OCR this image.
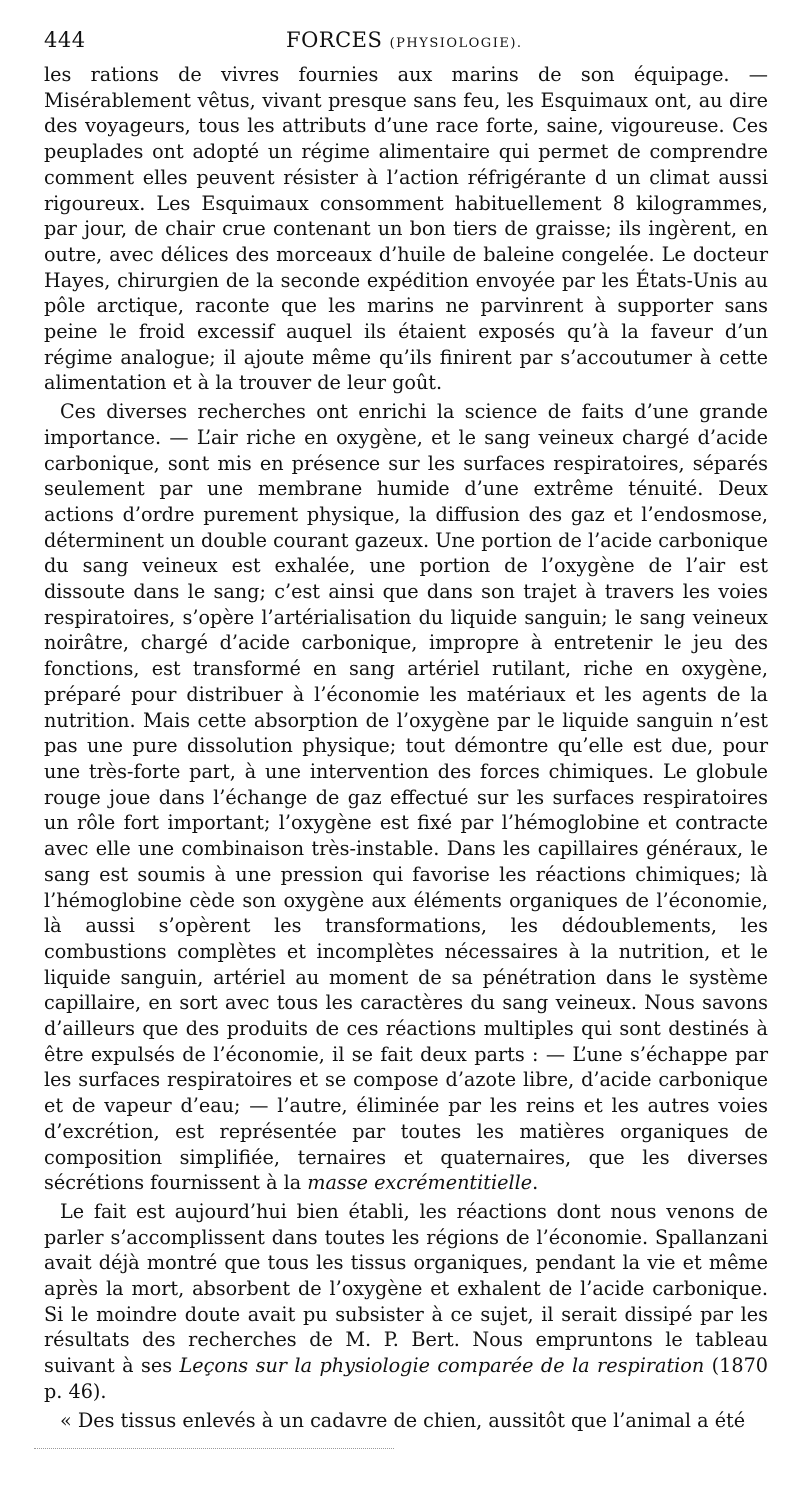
444	FORCES (PHYSIOLOGIE).

les rations de vivres fournies aux marins de son équipage. — Misérablement vêtus, vivant presque sans feu, les Esquimaux ont, au dire des voyageurs, tous les attributs d’une race forte, saine, vigoureuse. Ces peuplades ont adopté un régime alimentaire qui permet de comprendre comment elles peuvent résister à l’action réfrigérante d un climat aussi rigoureux. Les Esquimaux consomment habituellement 8 kilogrammes, par jour, de chair crue contenant un bon tiers de graisse; ils ingèrent, en outre, avec délices des morceaux d’huile de baleine congelée. Le docteur Hayes, chirurgien de la seconde expédition envoyée par les États-Unis au pôle arctique, raconte que les marins ne parvinrent à supporter sans peine le froid excessif auquel ils étaient exposés qu’à la faveur d’un régime analogue; il ajoute même qu’ils finirent par s’accoutumer à cette alimentation et à la trouver de leur goût.

Ces diverses recherches ont enrichi la science de faits d’une grande importance. — L’air riche en oxygène, et le sang veineux chargé d’acide carbonique, sont mis en présence sur les surfaces respiratoires, séparés seulement par une membrane humide d’une extrême ténuité. Deux actions d’ordre purement physique, la diffusion des gaz et l’endosmose, déterminent un double courant gazeux. Une portion de l’acide carbonique du sang veineux est exhalée, une portion de l’oxygène de l’air est dissoute dans le sang; c’est ainsi que dans son trajet à travers les voies respiratoires, s’opère l’artérialisation du liquide sanguin; le sang veineux noirâtre, chargé d’acide carbonique, impropre à entretenir le jeu des fonctions, est transformé en sang artériel rutilant, riche en oxygène, préparé pour distribuer à l’économie les matériaux et les agents de la nutrition. Mais cette absorption de l’oxygène par le liquide sanguin n’est pas une pure dissolution physique; tout démontre qu’elle est due, pour une très-forte part, à une intervention des forces chimiques. Le globule rouge joue dans l’échange de gaz effectué sur les surfaces respiratoires un rôle fort important; l’oxygène est fixé par l’hémoglobine et contracte avec elle une combinaison très-instable. Dans les capillaires généraux, le sang est soumis à une pression qui favorise les réactions chimiques; là l’hémoglobine cède son oxygène aux éléments organiques de l’économie, là aussi s’opèrent les transformations, les dédoublements, les combustions complètes et incomplètes nécessaires à la nutrition, et le liquide sanguin, artériel au moment de sa pénétration dans le système capillaire, en sort avec tous les caractères du sang veineux. Nous savons d’ailleurs que des produits de ces réactions multiples qui sont destinés à être expulsés de l’économie, il se fait deux parts : — L’une s’échappe par les surfaces respiratoires et se compose d’azote libre, d’acide carbonique et de vapeur d’eau; — l’autre, éliminée par les reins et les autres voies d’excrétion, est représentée par toutes les matières organiques de composition simplifiée, ternaires et quaternaires, que les diverses sécrétions fournissent à la masse excrémentitielle.

Le fait est aujourd’hui bien établi, les réactions dont nous venons de parler s’accomplissent dans toutes les régions de l’économie. Spallanzani avait déjà montré que tous les tissus organiques, pendant la vie et même après la mort, absorbent de l’oxygène et exhalent de l’acide carbonique. Si le moindre doute avait pu subsister à ce sujet, il serait dissipé par les résultats des recherches de M. P. Bert. Nous empruntons le tableau suivant à ses Leçons sur la physiologie comparée de la respiration (1870 p. 46).

« Des tissus enlevés à un cadavre de chien, aussitôt que l’animal a été
